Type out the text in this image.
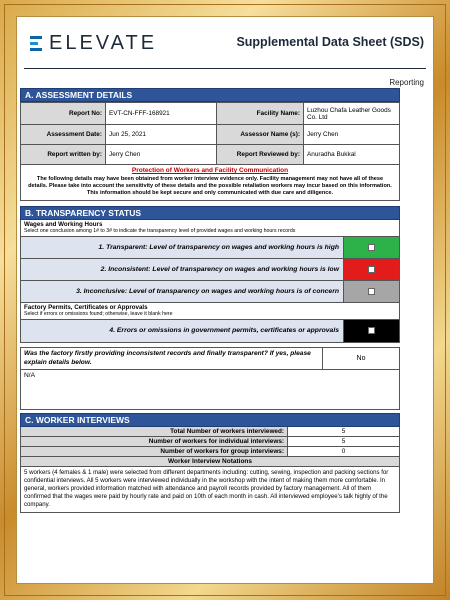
ELEVATE	Supplemental Data Sheet (SDS)
Reporting
A. ASSESSMENT DETAILS
Report No:	EVT-CN-FFF-168921	Facility Name:	Luzhou Chafa Leather Goods Co. Ltd
Assessment Date:	Jun 25, 2021	Assessor Name (s):	Jerry Chen
Report written by:	Jerry Chen	Report Reviewed by:	Anuradha Bukkal
Protection of Workers and Facility Communication
The following details may have been obtained from worker interview evidence only. Facility management may not have all of these details. Please take into account the sensitivity of these details and the possible retaliation workers may incur based on this information. This information should be kept secure and only communicated with due care and diligence.
B. TRANSPARENCY STATUS
Wages and Working Hours
Select one conclusion among 1# to 3# to indicate the transparency level of provided wages and working hours records
1. Transparent: Level of transparency on wages and working hours is high
2. Inconsistent: Level of transparency on wages and working hours is low
3. Inconclusive: Level of transparency on wages and working hours is of concern
Factory Permits, Certificates or Approvals
Select if errors or omissions found; otherwise, leave it blank here
4. Errors or omissions in government permits, certificates or approvals
Was the factory firstly providing inconsistent records and finally transparent? If yes, please explain details below.	No
N/A
C. WORKER INTERVIEWS
Total Number of workers interviewed:	5
Number of workers for individual interviews:	5
Number of workers for group interviews:	0
Worker Interview Notations
5 workers (4 females & 1 male) were selected from different departments including: cutting, sewing, inspection and packing sections for confidential interviews. All 5 workers were interviewed individually in the workshop with the intent of making them more comfortable. In general, workers provided information matched with attendance and payroll records provided by factory management. All of them confirmed that the wages were paid by hourly rate and paid on 10th of each month in cash. All interviewed employee's talk highly of the company.
